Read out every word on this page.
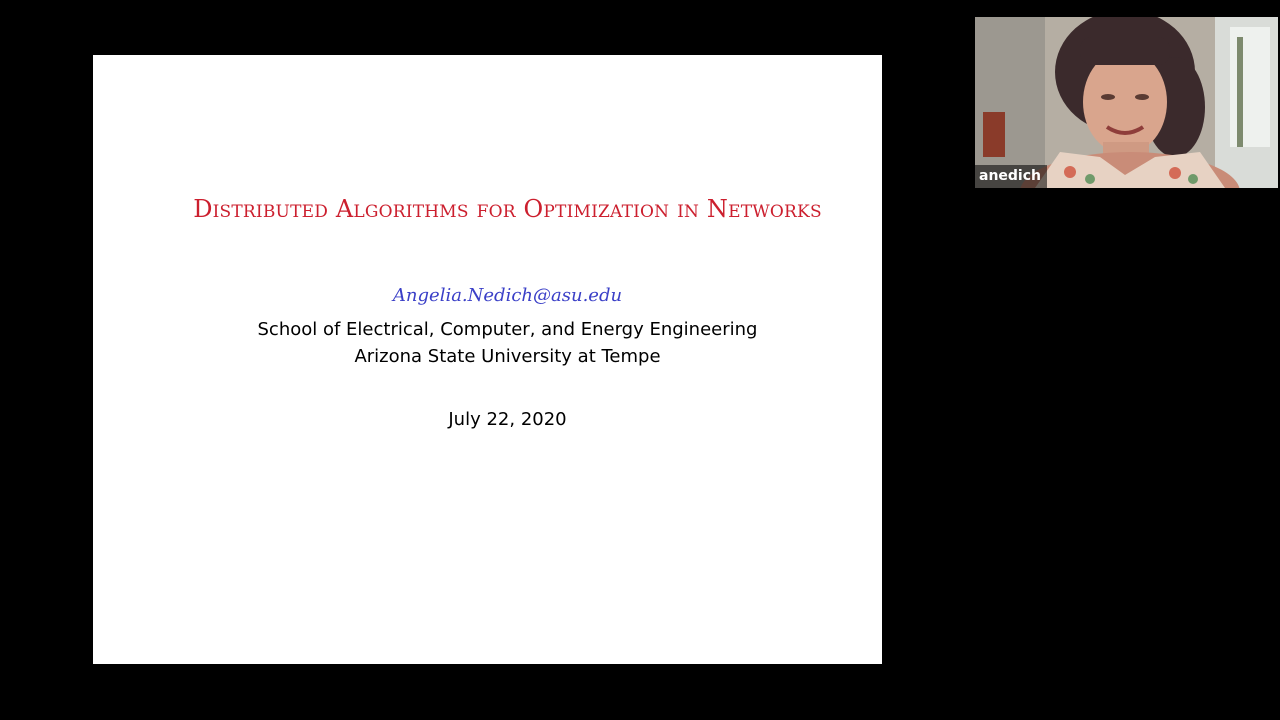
Distributed Algorithms for Optimization in Networks
Angelia.Nedich@asu.edu
School of Electrical, Computer, and Energy Engineering
Arizona State University at Tempe
July 22, 2020
anedich
